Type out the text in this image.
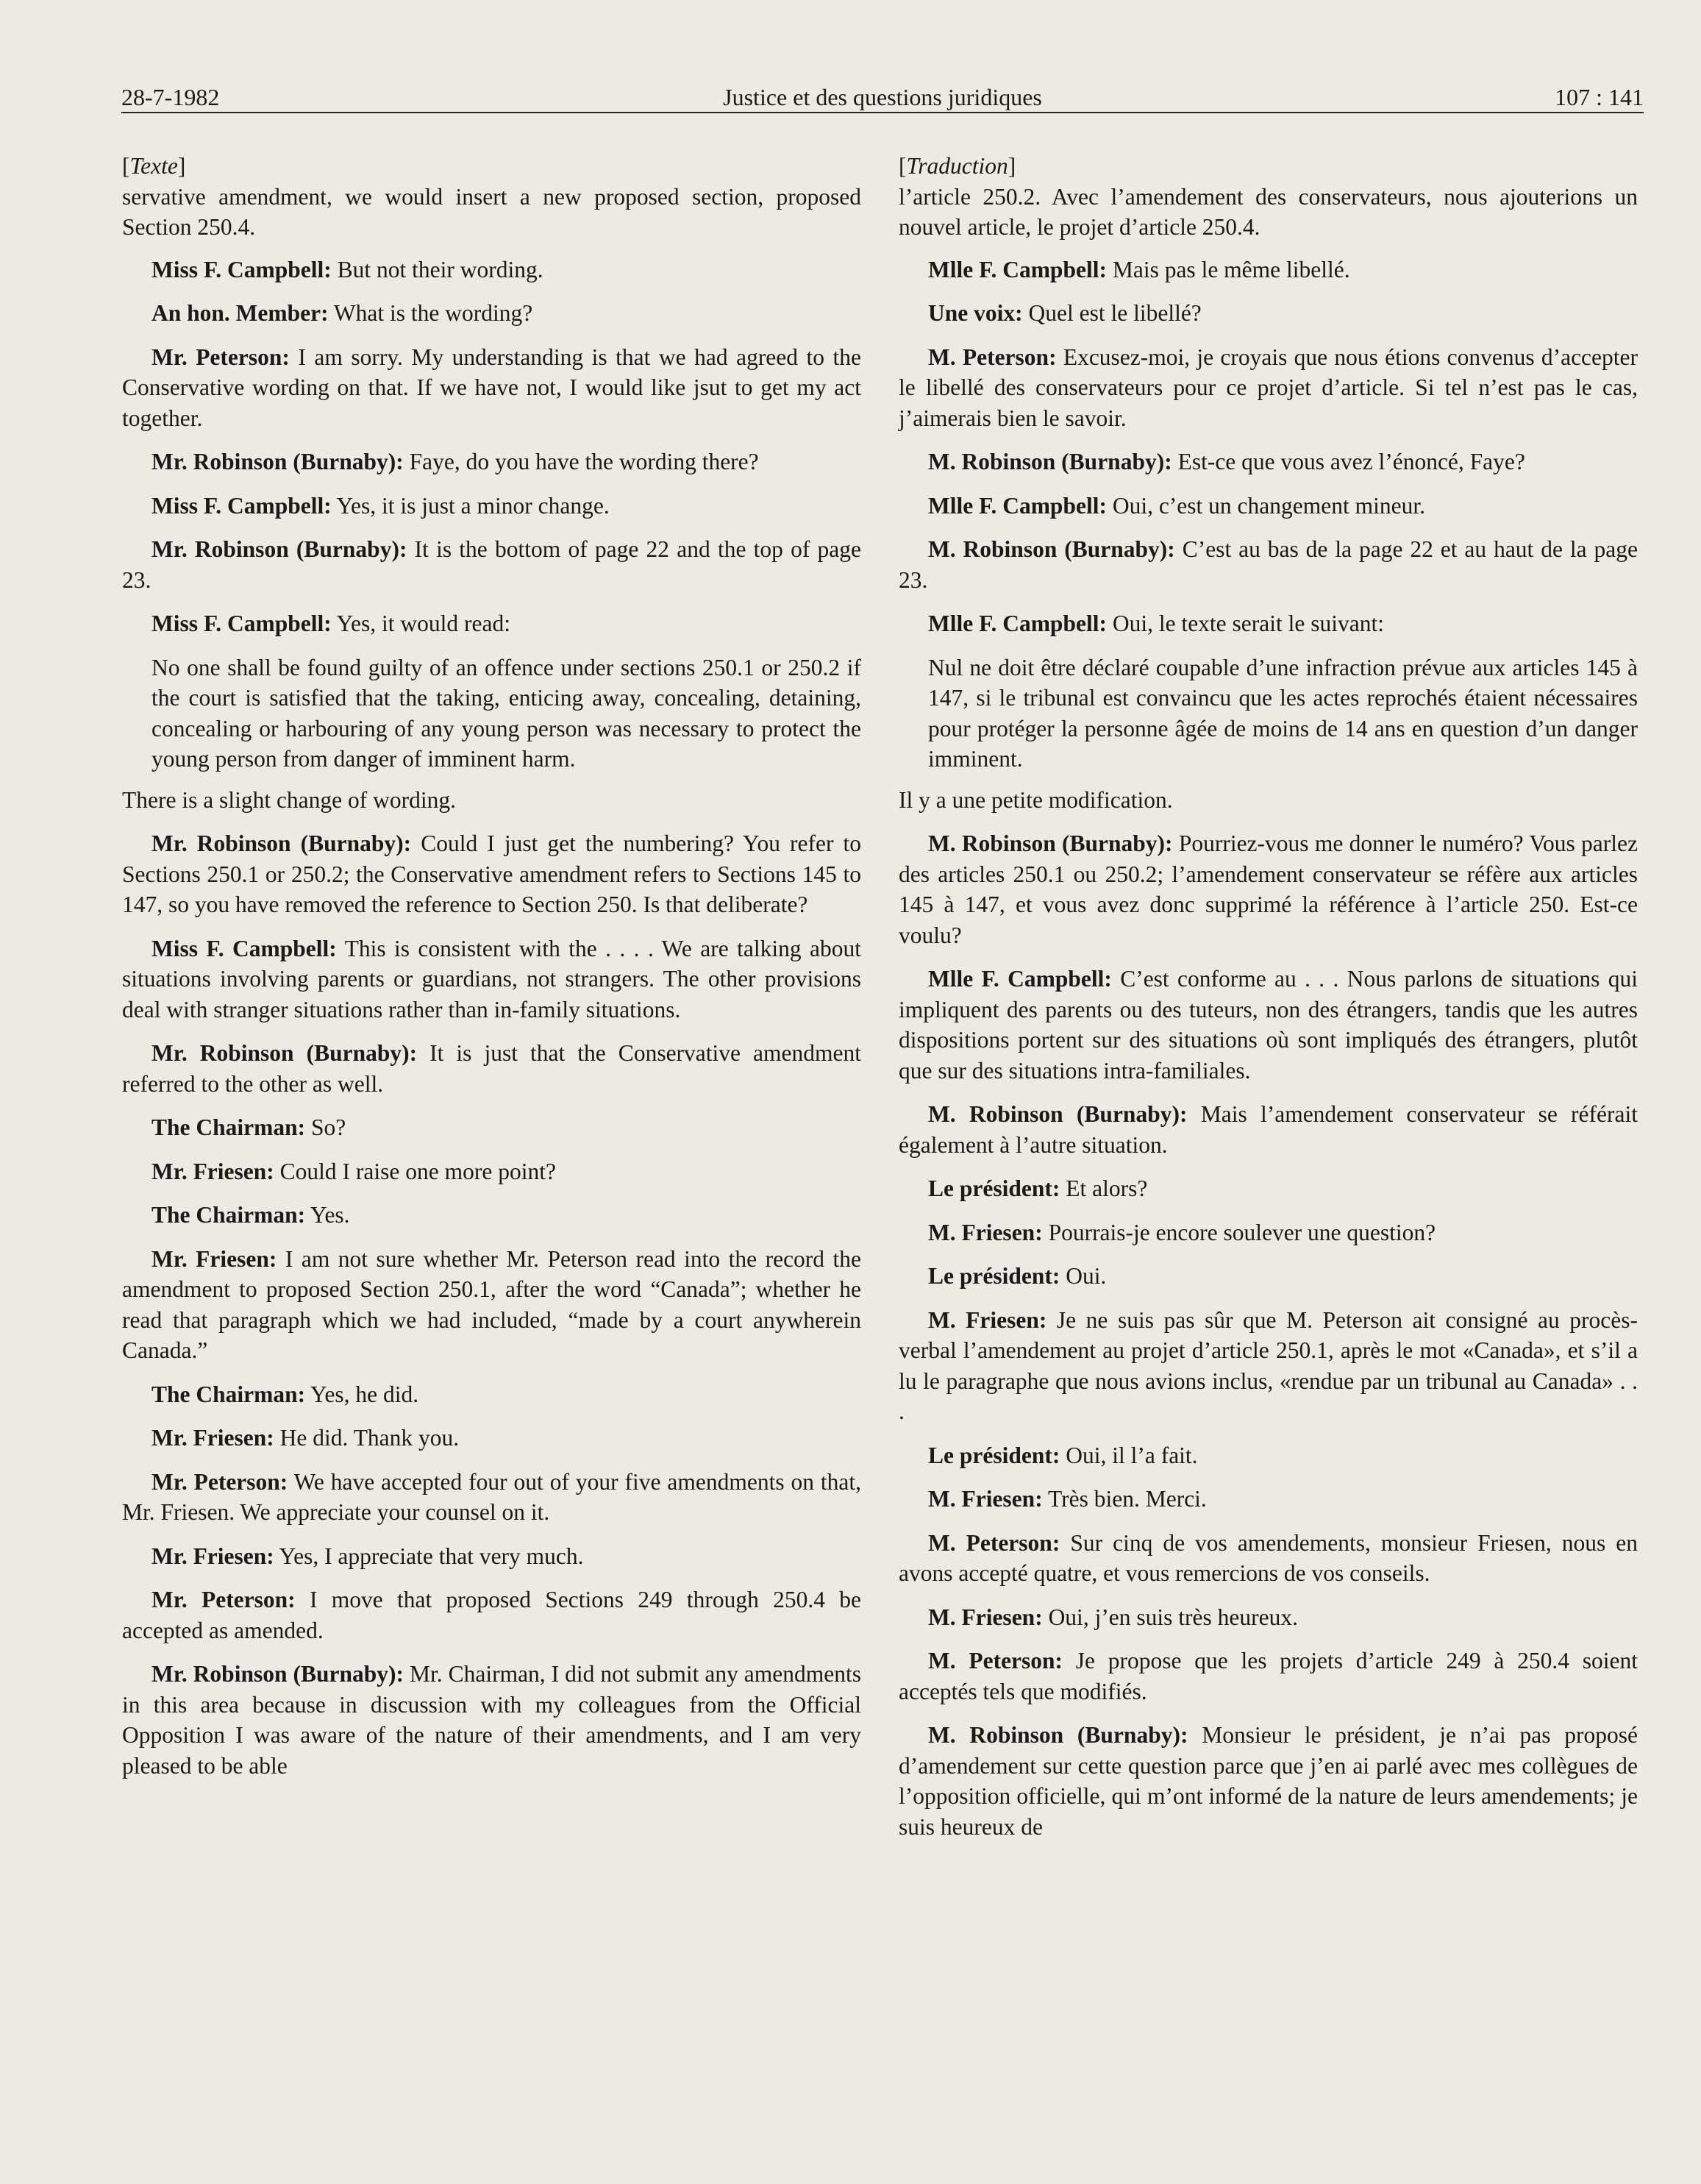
28-7-1982	Justice et des questions juridiques	107 : 141

[Texte]

servative amendment, we would insert a new proposed section, proposed Section 250.4.

Miss F. Campbell: But not their wording.

An hon. Member: What is the wording?

Mr. Peterson: I am sorry. My understanding is that we had agreed to the Conservative wording on that. If we have not, I would like jsut to get my act together.

Mr. Robinson (Burnaby): Faye, do you have the wording there?

Miss F. Campbell: Yes, it is just a minor change.

Mr. Robinson (Burnaby): It is the bottom of page 22 and the top of page 23.

Miss F. Campbell: Yes, it would read:

No one shall be found guilty of an offence under sections 250.1 or 250.2 if the court is satisfied that the taking, enticing away, concealing, detaining, concealing or harbouring of any young person was necessary to protect the young person from danger of imminent harm.

There is a slight change of wording.

Mr. Robinson (Burnaby): Could I just get the numbering? You refer to Sections 250.1 or 250.2; the Conservative amendment refers to Sections 145 to 147, so you have removed the reference to Section 250. Is that deliberate?

Miss F. Campbell: This is consistent with the . . . . We are talking about situations involving parents or guardians, not strangers. The other provisions deal with stranger situations rather than in-family situations.

Mr. Robinson (Burnaby): It is just that the Conservative amendment referred to the other as well.

The Chairman: So?

Mr. Friesen: Could I raise one more point?

The Chairman: Yes.

Mr. Friesen: I am not sure whether Mr. Peterson read into the record the amendment to proposed Section 250.1, after the word “Canada”; whether he read that paragraph which we had included, “made by a court anywherein Canada.”

The Chairman: Yes, he did.

Mr. Friesen: He did. Thank you.

Mr. Peterson: We have accepted four out of your five amendments on that, Mr. Friesen. We appreciate your counsel on it.

Mr. Friesen: Yes, I appreciate that very much.

Mr. Peterson: I move that proposed Sections 249 through 250.4 be accepted as amended.

Mr. Robinson (Burnaby): Mr. Chairman, I did not submit any amendments in this area because in discussion with my colleagues from the Official Opposition I was aware of the nature of their amendments, and I am very pleased to be able

[Traduction]

l’article 250.2. Avec l’amendement des conservateurs, nous ajouterions un nouvel article, le projet d’article 250.4.

Mlle F. Campbell: Mais pas le même libellé.

Une voix: Quel est le libellé?

M. Peterson: Excusez-moi, je croyais que nous étions convenus d’accepter le libellé des conservateurs pour ce projet d’article. Si tel n’est pas le cas, j’aimerais bien le savoir.

M. Robinson (Burnaby): Est-ce que vous avez l’énoncé, Faye?

Mlle F. Campbell: Oui, c’est un changement mineur.

M. Robinson (Burnaby): C’est au bas de la page 22 et au haut de la page 23.

Mlle F. Campbell: Oui, le texte serait le suivant:

Nul ne doit être déclaré coupable d’une infraction prévue aux articles 145 à 147, si le tribunal est convaincu que les actes reprochés étaient nécessaires pour protéger la personne âgée de moins de 14 ans en question d’un danger imminent.

Il y a une petite modification.

M. Robinson (Burnaby): Pourriez-vous me donner le numéro? Vous parlez des articles 250.1 ou 250.2; l’amendement conservateur se réfère aux articles 145 à 147, et vous avez donc supprimé la référence à l’article 250. Est-ce voulu?

Mlle F. Campbell: C’est conforme au . . . Nous parlons de situations qui impliquent des parents ou des tuteurs, non des étrangers, tandis que les autres dispositions portent sur des situations où sont impliqués des étrangers, plutôt que sur des situations intra-familiales.

M. Robinson (Burnaby): Mais l’amendement conservateur se référait également à l’autre situation.

Le président: Et alors?

M. Friesen: Pourrais-je encore soulever une question?

Le président: Oui.

M. Friesen: Je ne suis pas sûr que M. Peterson ait consigné au procès-verbal l’amendement au projet d’article 250.1, après le mot «Canada», et s’il a lu le paragraphe que nous avions inclus, «rendue par un tribunal au Canada» . . .

Le président: Oui, il l’a fait.

M. Friesen: Très bien. Merci.

M. Peterson: Sur cinq de vos amendements, monsieur Friesen, nous en avons accepté quatre, et vous remercions de vos conseils.

M. Friesen: Oui, j’en suis très heureux.

M. Peterson: Je propose que les projets d’article 249 à 250.4 soient acceptés tels que modifiés.

M. Robinson (Burnaby): Monsieur le président, je n’ai pas proposé d’amendement sur cette question parce que j’en ai parlé avec mes collègues de l’opposition officielle, qui m’ont informé de la nature de leurs amendements; je suis heureux de
